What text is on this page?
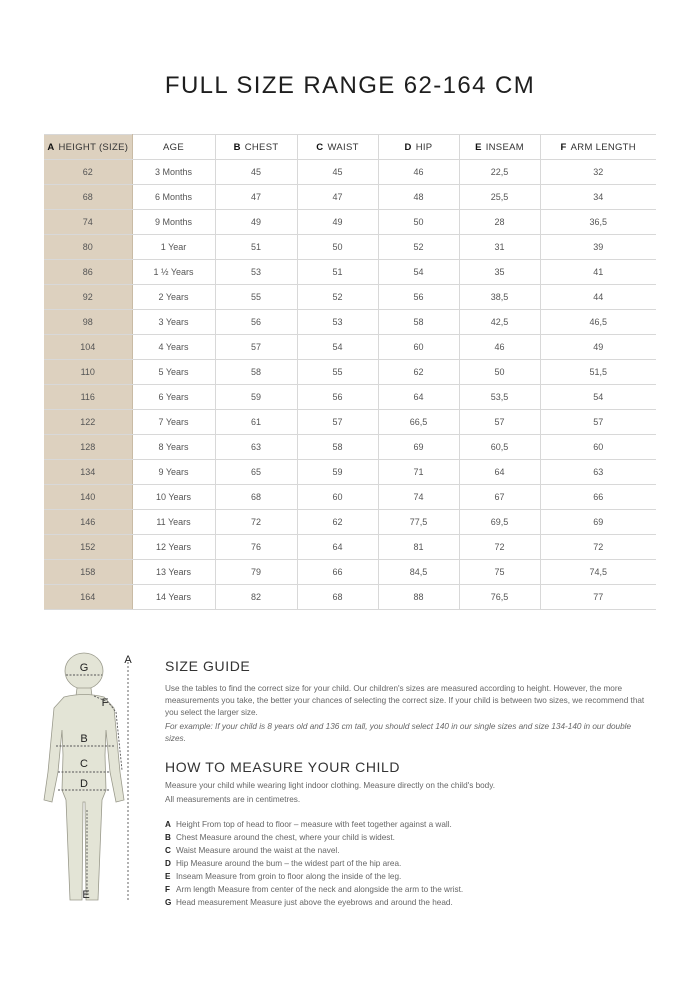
FULL SIZE RANGE 62-164 CM
A HEIGHT (SIZE)	AGE	B CHEST	C WAIST	D HIP	E INSEAM	F ARM LENGTH
62	3 Months	45	45	46	22,5	32
68	6 Months	47	47	48	25,5	34
74	9 Months	49	49	50	28	36,5
80	1 Year	51	50	52	31	39
86	1 ½ Years	53	51	54	35	41
92	2 Years	55	52	56	38,5	44
98	3 Years	56	53	58	42,5	46,5
104	4 Years	57	54	60	46	49
110	5 Years	58	55	62	50	51,5
116	6 Years	59	56	64	53,5	54
122	7 Years	61	57	66,5	57	57
128	8 Years	63	58	69	60,5	60
134	9 Years	65	59	71	64	63
140	10 Years	68	60	74	67	66
146	11 Years	72	62	77,5	69,5	69
152	12 Years	76	64	81	72	72
158	13 Years	79	66	84,5	75	74,5
164	14 Years	82	68	88	76,5	77
G
A
F
B
C
D
E
SIZE GUIDE

Use the tables to find the correct size for your child. Our children's sizes are measured according to height. However, the more measurements you take, the better your chances of selecting the correct size. If your child is between two sizes, we recommend that you select the larger size.

For example: If your child is 8 years old and 136 cm tall, you should select 140 in our single sizes and size 134-140 in our double sizes.

HOW TO MEASURE YOUR CHILD

Measure your child while wearing light indoor clothing. Measure directly on the child's body.

All measurements are in centimetres.

A Height From top of head to floor – measure with feet together against a wall.
B Chest Measure around the chest, where your child is widest.
C Waist Measure around the waist at the navel.
D Hip Measure around the bum – the widest part of the hip area.
E Inseam Measure from groin to floor along the inside of the leg.
F Arm length Measure from center of the neck and alongside the arm to the wrist.
G Head measurement Measure just above the eyebrows and around the head.
